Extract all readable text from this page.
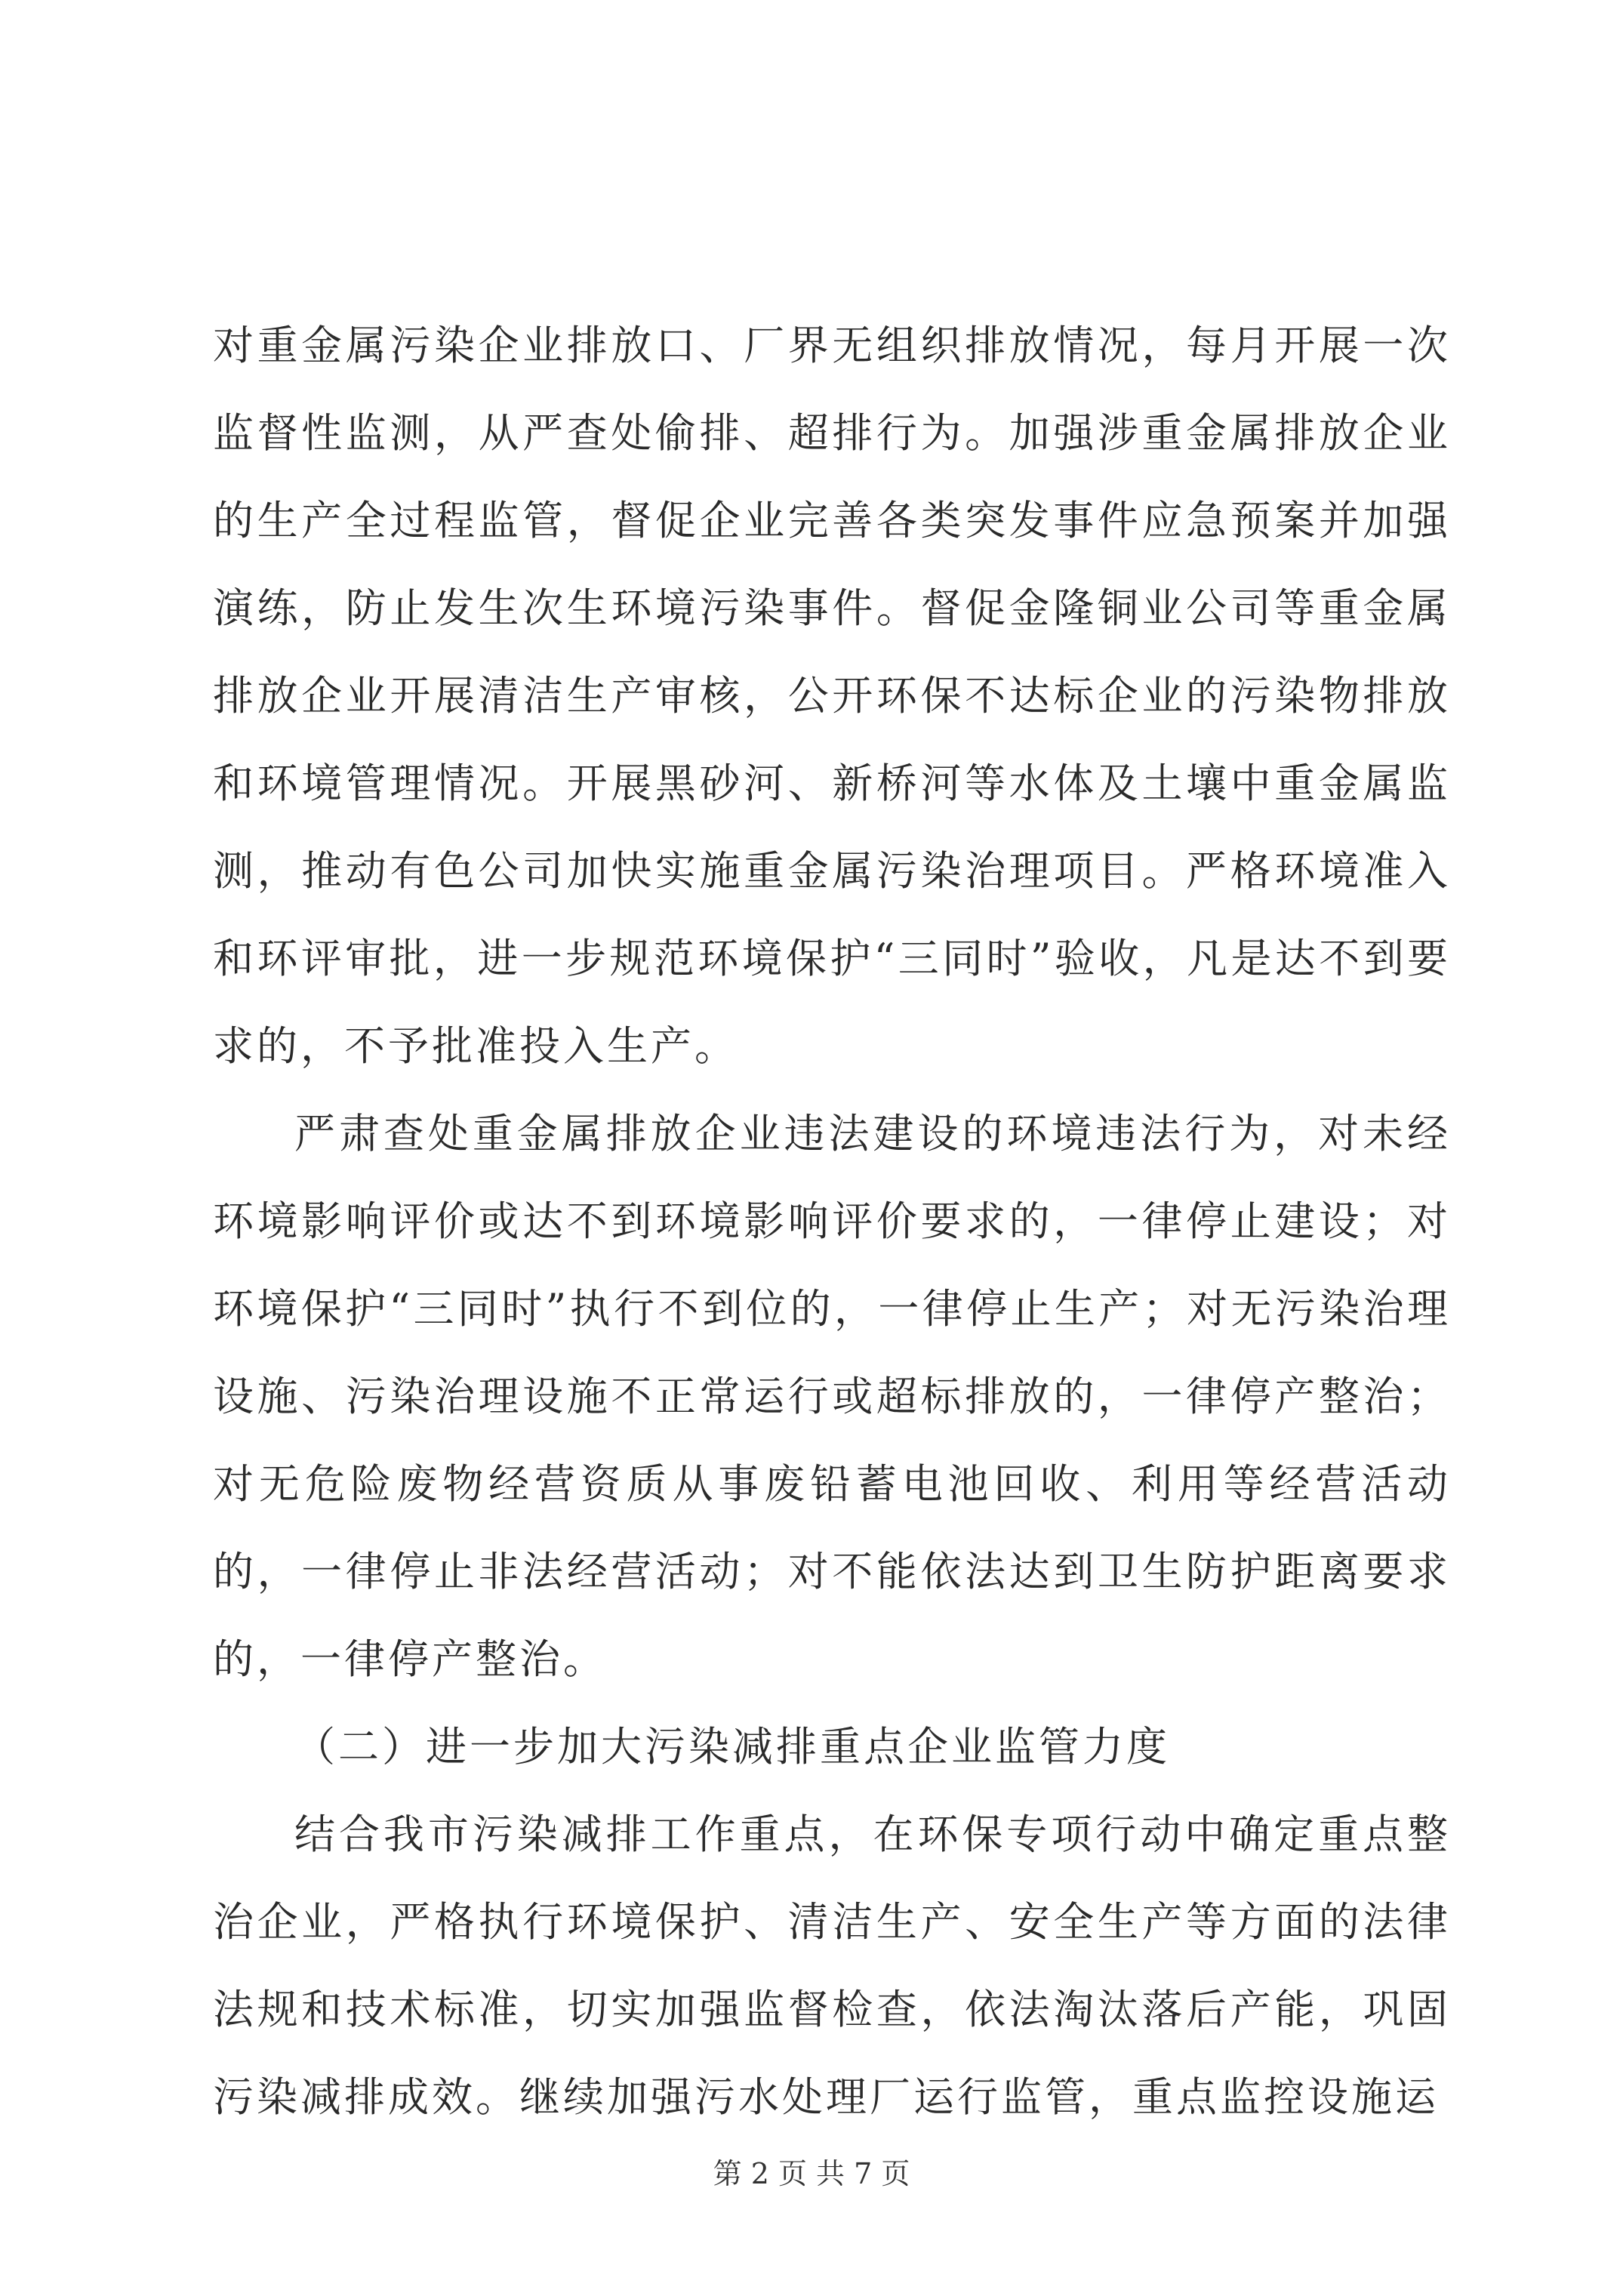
对重金属污染企业排放口、厂界无组织排放情况，每月开展一次监督性监测，从严查处偷排、超排行为。加强涉重金属排放企业的生产全过程监管，督促企业完善各类突发事件应急预案并加强演练，防止发生次生环境污染事件。督促金隆铜业公司等重金属排放企业开展清洁生产审核，公开环保不达标企业的污染物排放和环境管理情况。开展黑砂河、新桥河等水体及土壤中重金属监测，推动有色公司加快实施重金属污染治理项目。严格环境准入和环评审批，进一步规范环境保护“三同时”验收，凡是达不到要求的，不予批准投入生产。

严肃查处重金属排放企业违法建设的环境违法行为，对未经环境影响评价或达不到环境影响评价要求的，一律停止建设；对环境保护“三同时”执行不到位的，一律停止生产；对无污染治理设施、污染治理设施不正常运行或超标排放的，一律停产整治；对无危险废物经营资质从事废铅蓄电池回收、利用等经营活动的，一律停止非法经营活动；对不能依法达到卫生防护距离要求的，一律停产整治。

（二）进一步加大污染减排重点企业监管力度

结合我市污染减排工作重点，在环保专项行动中确定重点整治企业，严格执行环境保护、清洁生产、安全生产等方面的法律法规和技术标准，切实加强监督检查，依法淘汰落后产能，巩固污染减排成效。继续加强污水处理厂运行监管，重点监控设施运

第 2 页 共 7 页
